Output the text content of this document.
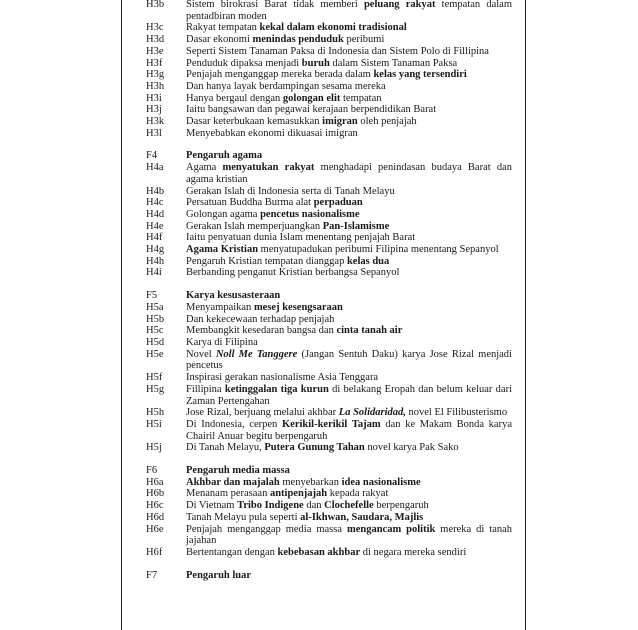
H3b Sistem birokrasi Barat tidak memberi peluang rakyat tempatan dalam pentadbiran moden
H3c Rakyat tempatan kekal dalam ekonomi tradisional
H3d Dasar ekonomi menindas penduduk peribumi
H3e Seperti Sistem Tanaman Paksa di Indonesia dan Sistem Polo di Fillipina
H3f Penduduk dipaksa menjadi buruh dalam Sistem Tanaman Paksa
H3g Penjajah menganggap mereka berada dalam kelas yang tersendiri
H3h Dan hanya layak berdampingan sesama mereka
H3i Hanya bergaul dengan golongan elit tempatan
H3j Iaitu bangsawan dan pegawai kerajaan berpendidikan Barat
H3k Dasar keterbukaan kemasukkan imigran oleh penjajah
H3l Menyebabkan ekonomi dikuasai imigran
F4	Pengaruh agama
H4a Agama menyatukan rakyat menghadapi penindasan budaya Barat dan agama kristian
H4b Gerakan Islah di Indonesia serta di Tanah Melayu
H4c Persatuan Buddha Burma alat perpaduan
H4d Golongan agama pencetus nasionalisme
H4e Gerakan Islah memperjuangkan Pan-Islamisme
H4f Iaitu penyatuan dunia Islam menentang penjajah Barat
H4g Agama Kristian menyatupadukan peribumi Filipina menentang Sepanyol
H4h Pengaruh Kristian tempatan dianggap kelas dua
H4i Berbanding penganut Kristian berbangsa Sepanyol
F5	Karya kesusasteraan
H5a Menyampaikan mesej kesengsaraan
H5b Dan kekecewaan terhadap penjajah
H5c Membangkit kesedaran bangsa dan cinta tanah air
H5d Karya di Filipina
H5e Novel Noll Me Tanggere (Jangan Sentuh Daku) karya Jose Rizal menjadi pencetus
H5f Inspirasi gerakan nasionalisme Asia Tenggara
H5g Fillipina ketinggalan tiga kurun di belakang Eropah dan belum keluar dari Zaman Pertengahan
H5h Jose Rizal, berjuang melalui akhbar La Solidaridad, novel El Filibusterismo
H5i Di Indonesia, cerpen Kerikil-kerikil Tajam dan ke Makam Bonda karya Chairil Anuar begitu berpengaruh
H5j Di Tanah Melayu, Putera Gunung Tahan novel karya Pak Sako
F6	Pengaruh media massa
H6a Akhbar dan majalah menyebarkan idea nasionalisme
H6b Menanam perasaan antipenjajah kepada rakyat
H6c Di Vietnam Tribo Indigene dan Clochefelle berpengaruh
H6d Tanah Melayu pula seperti al-Ikhwan, Saudara, Majlis
H6e Penjajah menganggap media massa mengancam politik mereka di tanah jajahan
H6f Bertentangan dengan kebebasan akhbar di negara mereka sendiri
F7	Pengaruh luar
